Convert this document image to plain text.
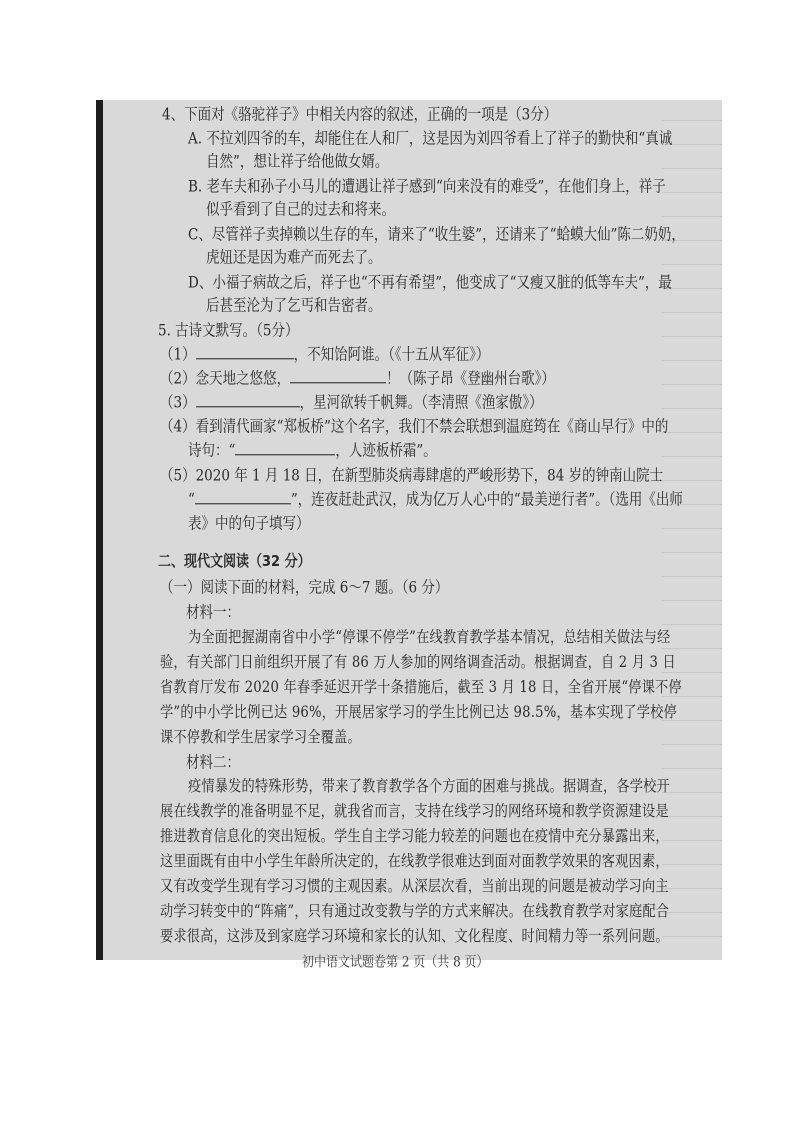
4、下面对《骆驼祥子》中相关内容的叙述，正确的一项是（3分）
A. 不拉刘四爷的车，却能住在人和厂，这是因为刘四爷看上了祥子的勤快和“真诚
自然”，想让祥子给他做女婿。
B. 老车夫和孙子小马儿的遭遇让祥子感到“向来没有的难受”，在他们身上，祥子
似乎看到了自己的过去和将来。
C、尽管祥子卖掉赖以生存的车，请来了“收生婆”，还请来了“蛤蟆大仙”陈二奶奶，
虎妞还是因为难产而死去了。
D、小福子病故之后，祥子也“不再有希望”，他变成了“又瘦又脏的低等车夫”，最
后甚至沦为了乞丐和告密者。
5. 古诗文默写。（5分）
（1）	，不知饴阿谁。（《十五从军征》）
（2）念天地之悠悠，	！（陈子昂《登幽州台歌》）
（3）	，星河欲转千帆舞。（李清照《渔家傲》）
（4）看到清代画家“郑板桥”这个名字，我们不禁会联想到温庭筠在《商山早行》中的
诗句：“	，人迹板桥霜”。
（5）2020 年 1 月 18 日，在新型肺炎病毒肆虐的严峻形势下，84 岁的钟南山院士
“	”，连夜赶赴武汉，成为亿万人心中的“最美逆行者”。（选用《出师
表》中的句子填写）
二、现代文阅读（32 分）
（一）阅读下面的材料，完成 6～7 题。（6 分）
材料一：
为全面把握湖南省中小学“停课不停学”在线教育教学基本情况，总结相关做法与经
验，有关部门日前组织开展了有 86 万人参加的网络调查活动。根据调查，自 2 月 3 日
省教育厅发布 2020 年春季延迟开学十条措施后，截至 3 月 18 日，全省开展“停课不停
学”的中小学比例已达 96%，开展居家学习的学生比例已达 98.5%，基本实现了学校停
课不停教和学生居家学习全覆盖。
材料二：
疫情暴发的特殊形势，带来了教育教学各个方面的困难与挑战。据调查，各学校开
展在线教学的准备明显不足，就我省而言，支持在线学习的网络环境和教学资源建设是
推进教育信息化的突出短板。学生自主学习能力较差的问题也在疫情中充分暴露出来，
这里面既有由中小学生年龄所决定的，在线教学很难达到面对面教学效果的客观因素，
又有改变学生现有学习习惯的主观因素。从深层次看，当前出现的问题是被动学习向主
动学习转变中的“阵痛”，只有通过改变教与学的方式来解决。在线教育教学对家庭配合
要求很高，这涉及到家庭学习环境和家长的认知、文化程度、时间精力等一系列问题。
初中语文试题卷第 2 页（共 8 页）
